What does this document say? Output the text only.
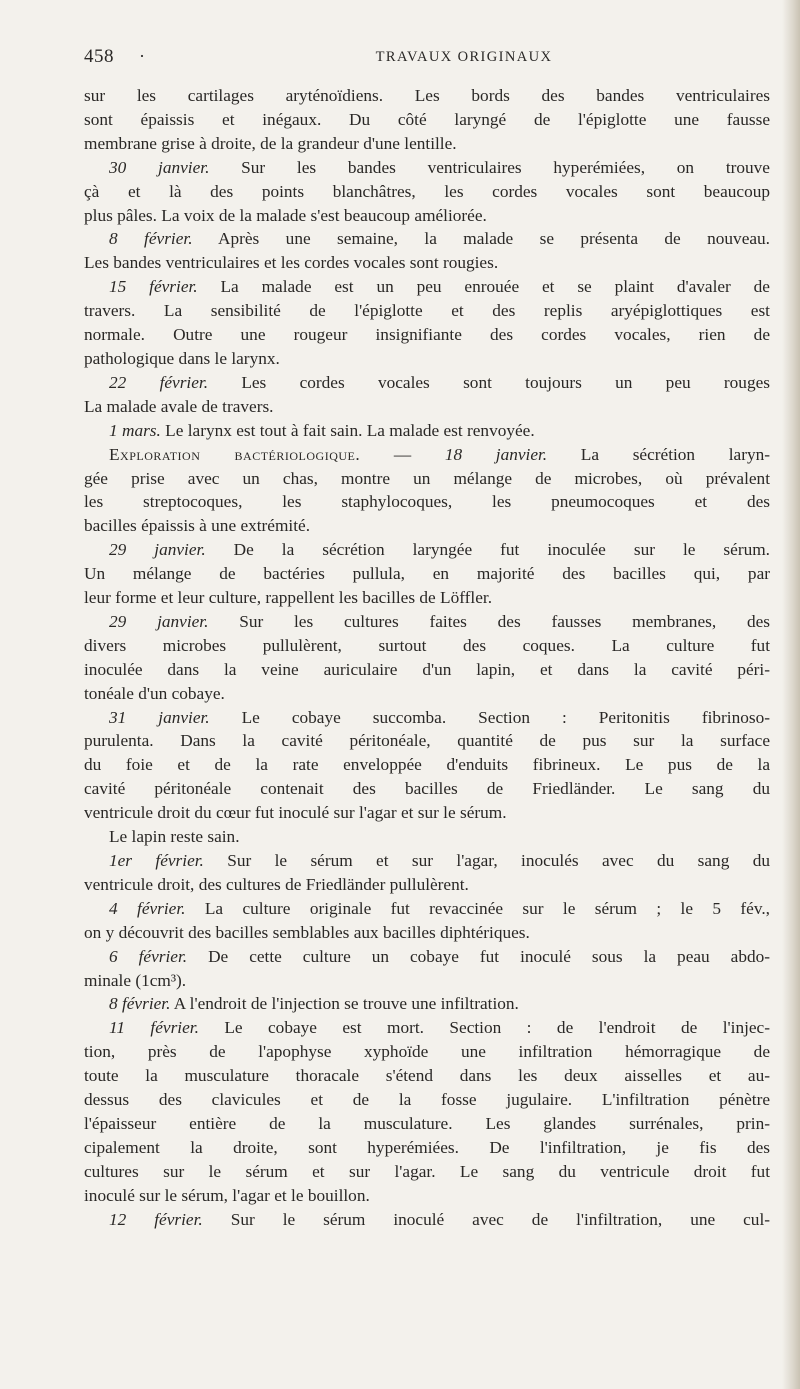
458 ·	TRAVAUX ORIGINAUX
sur les cartilages aryténoïdiens. Les bords des bandes ventriculaires
sont épaissis et inégaux. Du côté laryngé de l'épiglotte une fausse
membrane grise à droite, de la grandeur d'une lentille.
30 janvier. Sur les bandes ventriculaires hyperémiées, on trouve
çà et là des points blanchâtres, les cordes vocales sont beaucoup
plus pâles. La voix de la malade s'est beaucoup améliorée.
8 février. Après une semaine, la malade se présenta de nouveau.
Les bandes ventriculaires et les cordes vocales sont rougies.
15 février. La malade est un peu enrouée et se plaint d'avaler de
travers. La sensibilité de l'épiglotte et des replis aryépiglottiques est
normale. Outre une rougeur insignifiante des cordes vocales, rien de
pathologique dans le larynx.
22 février. Les cordes vocales sont toujours un peu rouges
La malade avale de travers.
1 mars. Le larynx est tout à fait sain. La malade est renvoyée.
Exploration bactériologique. — 18 janvier. La sécrétion laryn-
gée prise avec un chas, montre un mélange de microbes, où prévalent
les streptocoques, les staphylocoques, les pneumocoques et des
bacilles épaissis à une extrémité.
29 janvier. De la sécrétion laryngée fut inoculée sur le sérum.
Un mélange de bactéries pullula, en majorité des bacilles qui, par
leur forme et leur culture, rappellent les bacilles de Löffler.
29 janvier. Sur les cultures faites des fausses membranes, des
divers microbes pullulèrent, surtout des coques. La culture fut
inoculée dans la veine auriculaire d'un lapin, et dans la cavité péri-
tonéale d'un cobaye.
31 janvier. Le cobaye succomba. Section : Peritonitis fibrinoso-
purulenta. Dans la cavité péritonéale, quantité de pus sur la surface
du foie et de la rate enveloppée d'enduits fibrineux. Le pus de la
cavité péritonéale contenait des bacilles de Friedländer. Le sang du
ventricule droit du cœur fut inoculé sur l'agar et sur le sérum.
Le lapin reste sain.
1er février. Sur le sérum et sur l'agar, inoculés avec du sang du
ventricule droit, des cultures de Friedländer pullulèrent.
4 février. La culture originale fut revaccinée sur le sérum ; le 5 fév.,
on y découvrit des bacilles semblables aux bacilles diphtériques.
6 février. De cette culture un cobaye fut inoculé sous la peau abdo-
minale (1cm³).
8 février. A l'endroit de l'injection se trouve une infiltration.
11 février. Le cobaye est mort. Section : de l'endroit de l'injec-
tion, près de l'apophyse xyphoïde une infiltration hémorragique de
toute la musculature thoracale s'étend dans les deux aisselles et au-
dessus des clavicules et de la fosse jugulaire. L'infiltration pénètre
l'épaisseur entière de la musculature. Les glandes surrénales, prin-
cipalement la droite, sont hyperémiées. De l'infiltration, je fis des
cultures sur le sérum et sur l'agar. Le sang du ventricule droit fut
inoculé sur le sérum, l'agar et le bouillon.
12 février. Sur le sérum inoculé avec de l'infiltration, une cul-
